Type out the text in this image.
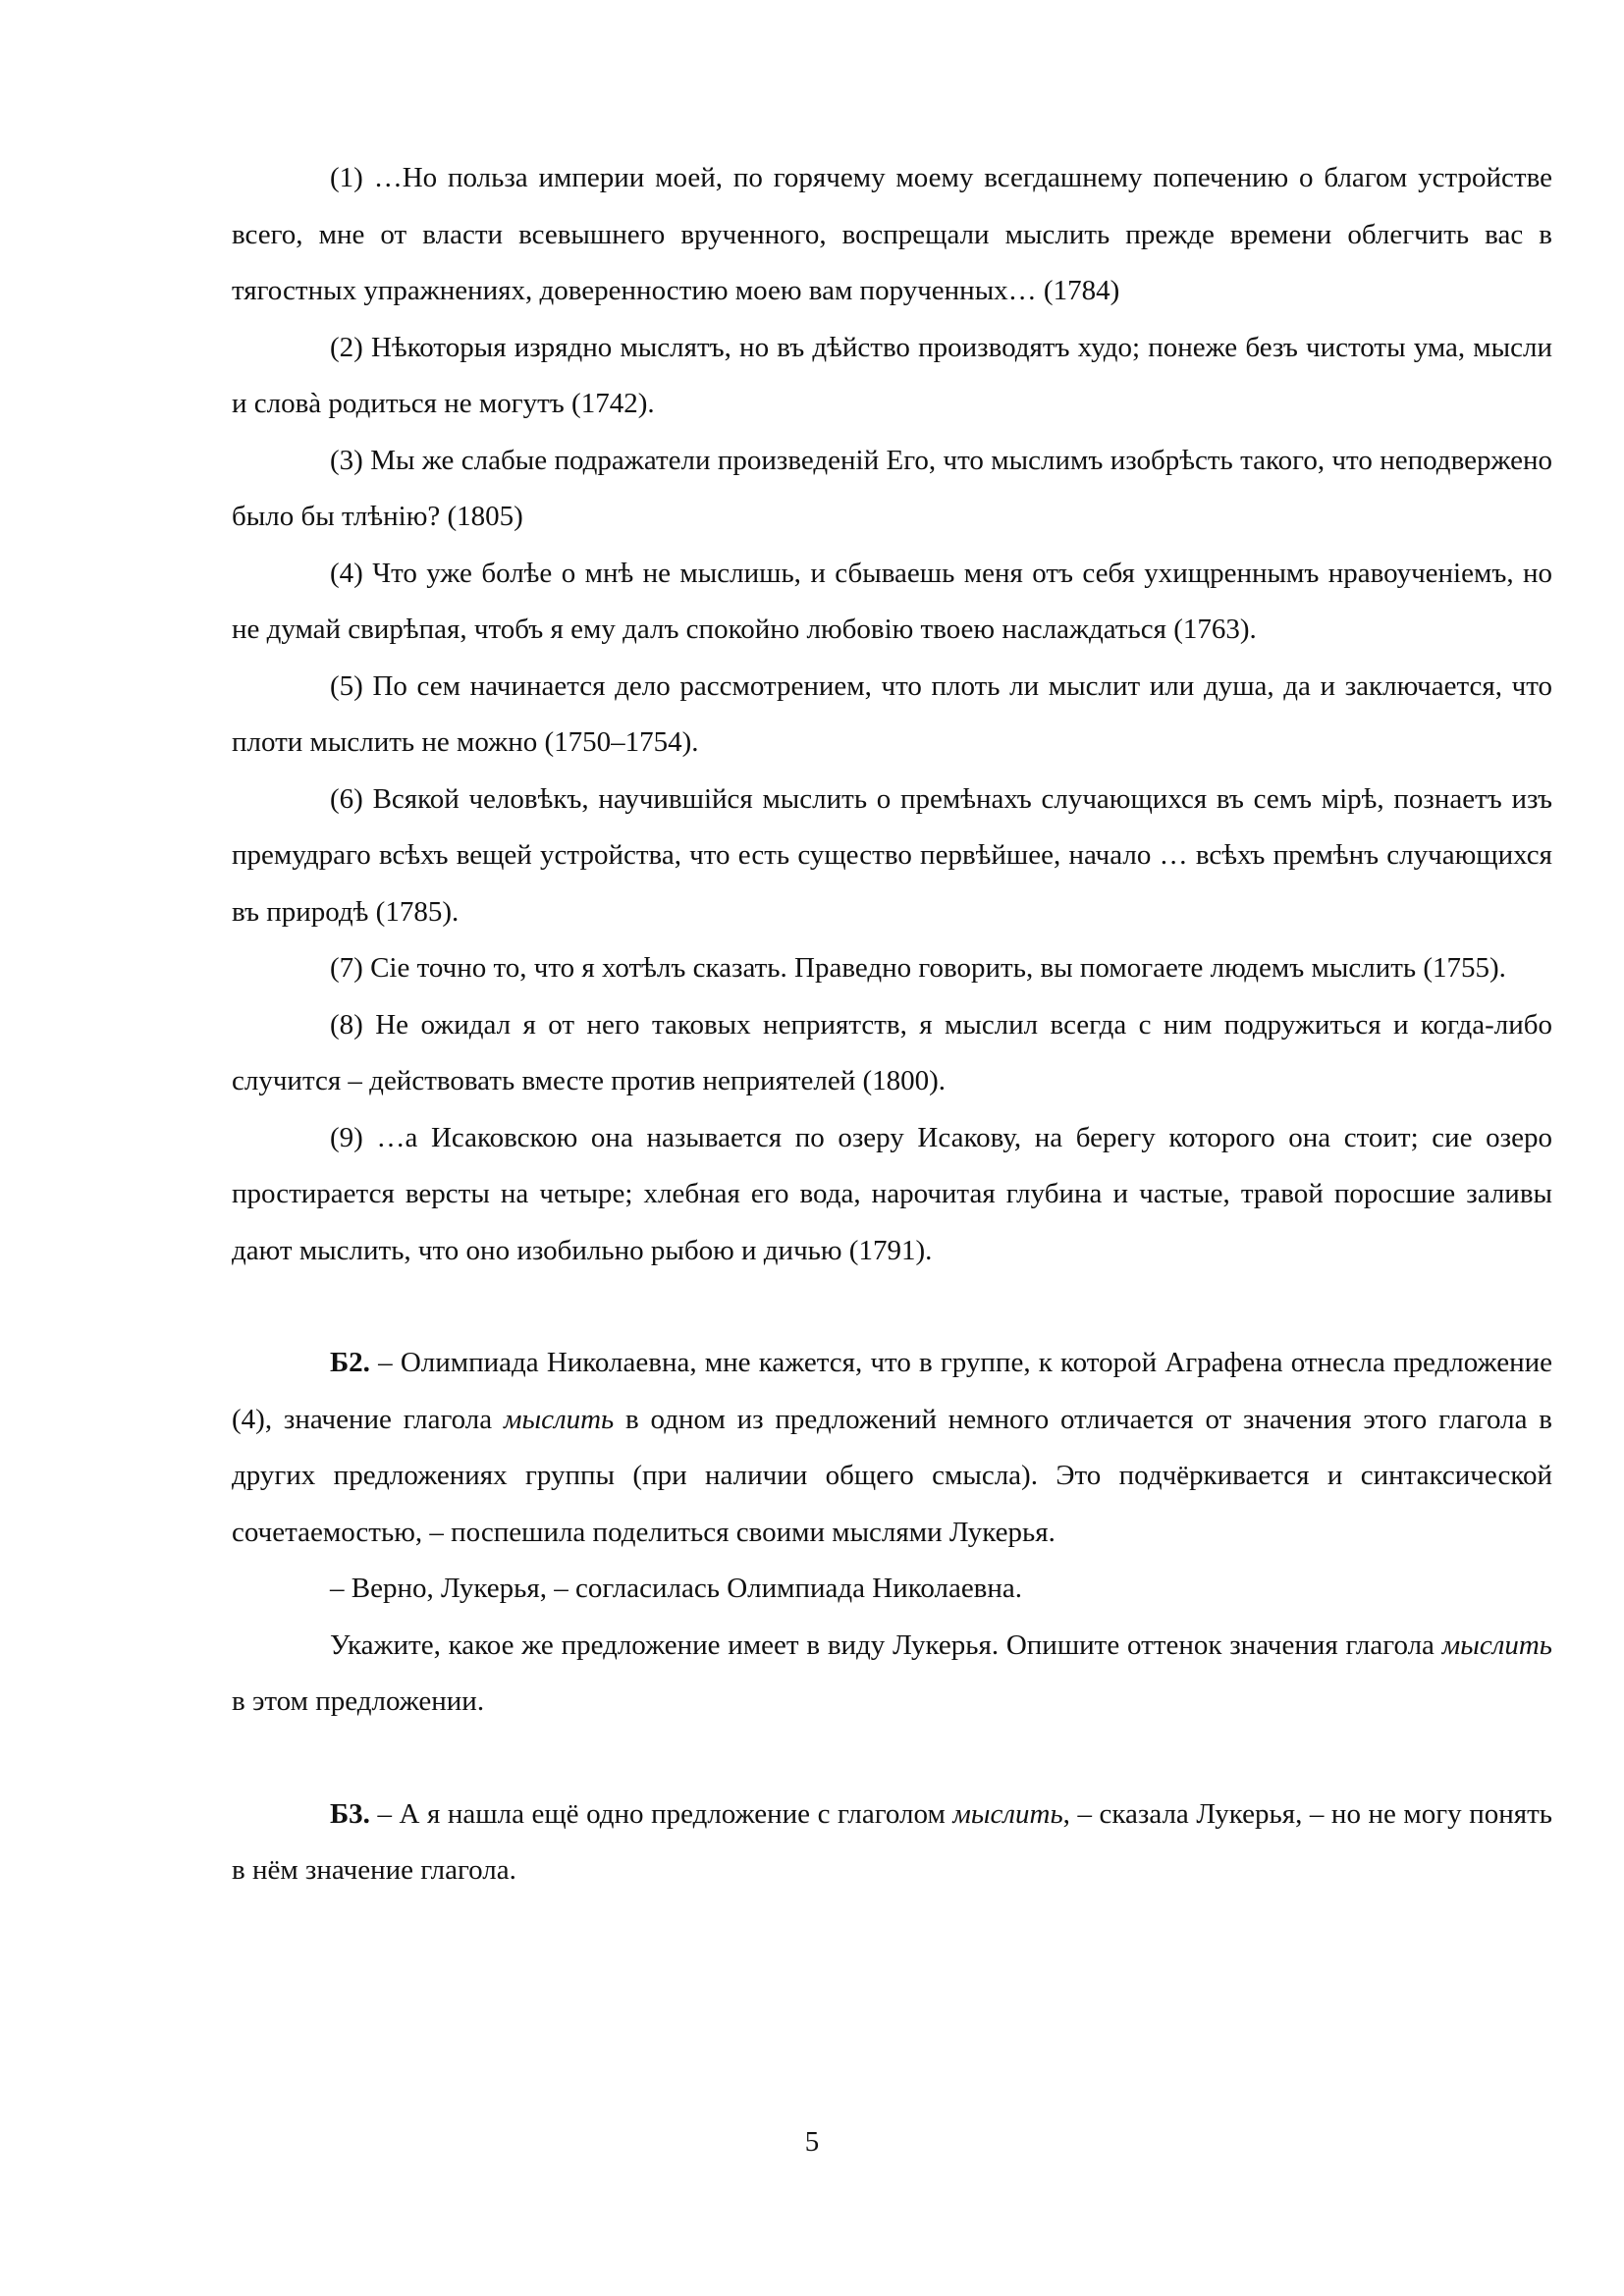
(1) …Но польза империи моей, по горячему моему всегдашнему попечению о благом устройстве всего, мне от власти всевышнего врученного, воспрещали мыслить прежде времени облегчить вас в тягостных упражнениях, доверенностию моею вам порученных… (1784)

(2) Нѣкоторыя изрядно мыслятъ, но въ дѣйство производятъ худо; понеже безъ чистоты ума, мысли и словà родиться не могутъ (1742).

(3) Мы же слабые подражатели произведенiй Его, что мыслимъ изобрѣсть такого, что неподвержено было бы тлѣнiю? (1805)

(4) Что уже болѣе о мнѣ не мыслишь, и сбываешь меня отъ себя ухищреннымъ нравоученiемъ, но не думай свирѣпая, чтобъ я ему далъ спокойно любовiю твоею наслаждаться (1763).

(5) По сем начинается дело рассмотрением, что плоть ли мыслит или душа, да и заключается, что плоти мыслить не можно (1750–1754).

(6) Всякой человѣкъ, научившiйся мыслить о премѣнахъ случающихся въ семъ мiрѣ, познаетъ изъ премудраго всѣхъ вещей устройства, что есть существо первѣйшее, начало … всѣхъ премѣнъ случающихся въ природѣ (1785).

(7) Сiе точно то, что я хотѣлъ сказать. Праведно говорить, вы помогаете людемъ мыслить (1755).

(8) Не ожидал я от него таковых неприятств, я мыслил всегда с ним подружиться и когда-либо случится – действовать вместе против неприятелей (1800).

(9) …а Исаковскою она называется по озеру Исакову, на берегу которого она стоит; сие озеро простирается версты на четыре; хлебная его вода, нарочитая глубина и частые, травой поросшие заливы дают мыслить, что оно изобильно рыбою и дичью (1791).

Б2. – Олимпиада Николаевна, мне кажется, что в группе, к которой Аграфена отнесла предложение (4), значение глагола мыслить в одном из предложений немного отличается от значения этого глагола в других предложениях группы (при наличии общего смысла). Это подчёркивается и синтаксической сочетаемостью, – поспешила поделиться своими мыслями Лукерья.

– Верно, Лукерья, – согласилась Олимпиада Николаевна.

Укажите, какое же предложение имеет в виду Лукерья. Опишите оттенок значения глагола мыслить в этом предложении.

Б3. – А я нашла ещё одно предложение с глаголом мыслить, – сказала Лукерья, – но не могу понять в нём значение глагола.

5
